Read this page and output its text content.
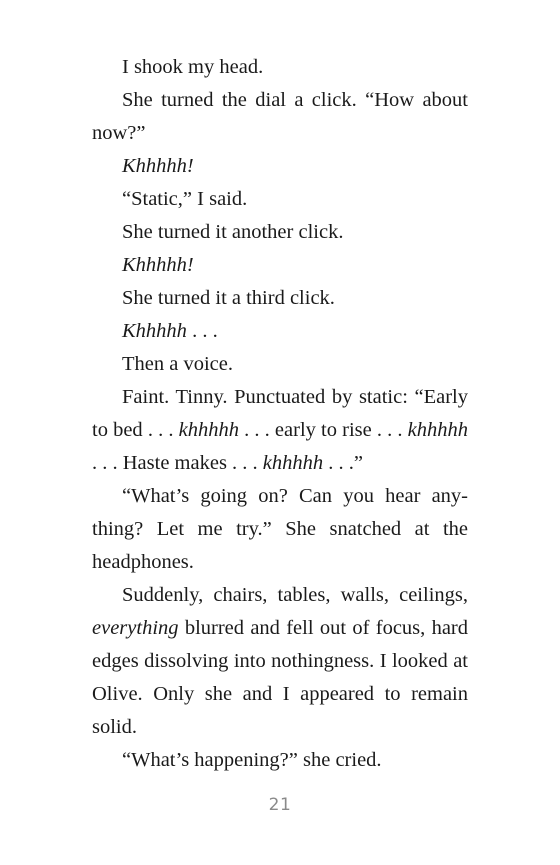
I shook my head.

She turned the dial a click. “How about now?”

Khhhhh!

“Static,” I said.

She turned it another click.

Khhhhh!

She turned it a third click.

Khhhhh . . .

Then a voice.

Faint. Tinny. Punctuated by static: “Early to bed . . . khhhhh . . . early to rise . . . khhhhh . . . Haste makes . . . khhhhh . . .”

“What’s going on? Can you hear anything? Let me try.” She snatched at the headphones.

Suddenly, chairs, tables, walls, ceilings, everything blurred and fell out of focus, hard edges dissolving into nothingness. I looked at Olive. Only she and I appeared to remain solid.

“What’s happening?” she cried.

21
